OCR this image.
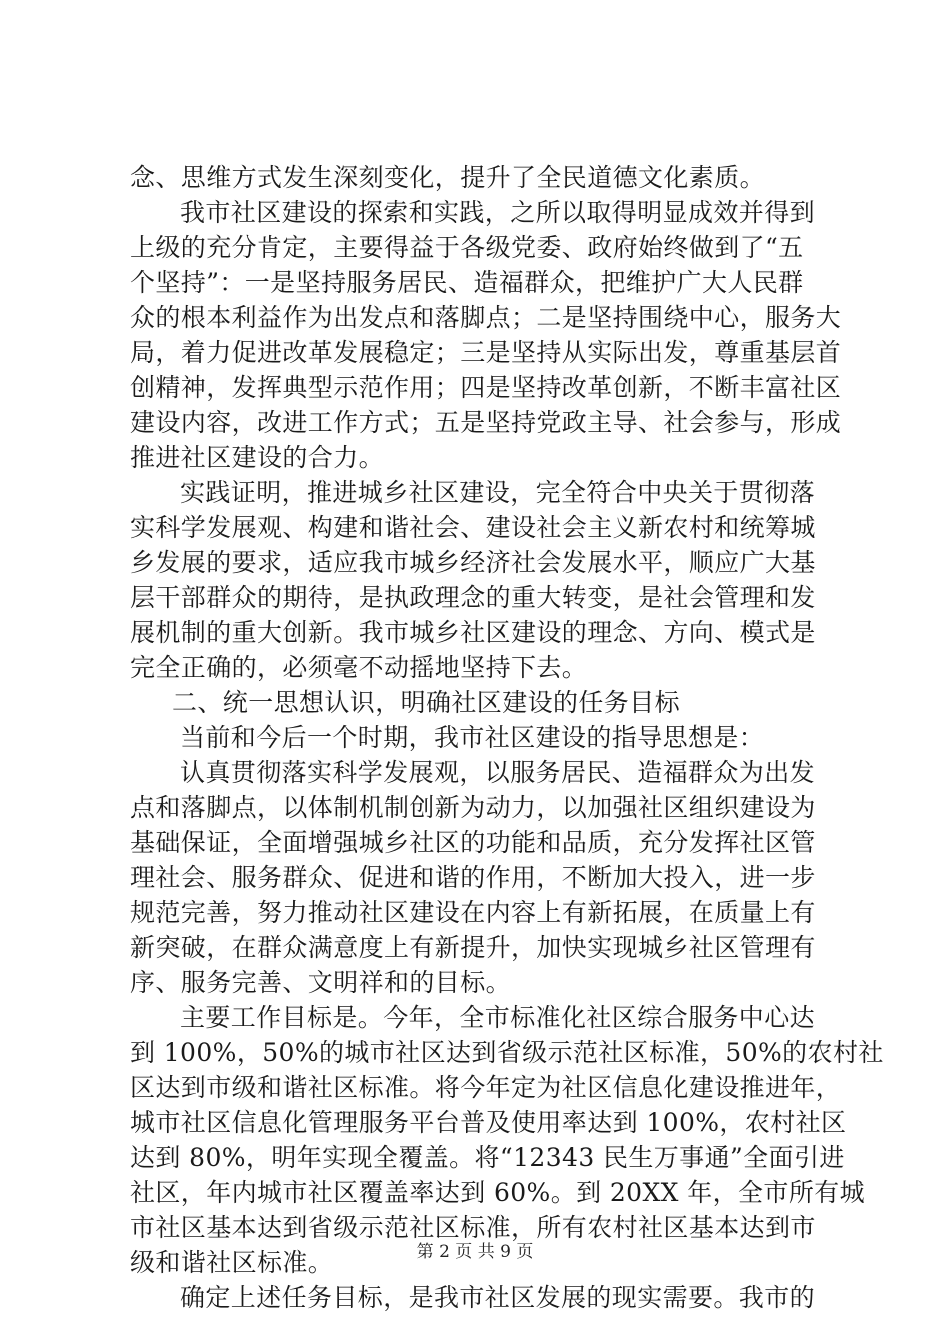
念、思维方式发生深刻变化，提升了全民道德文化素质。
我市社区建设的探索和实践，之所以取得明显成效并得到
上级的充分肯定，主要得益于各级党委、政府始终做到了“五
个坚持”：一是坚持服务居民、造福群众，把维护广大人民群
众的根本利益作为出发点和落脚点；二是坚持围绕中心，服务大
局，着力促进改革发展稳定；三是坚持从实际出发，尊重基层首
创精神，发挥典型示范作用；四是坚持改革创新，不断丰富社区
建设内容，改进工作方式；五是坚持党政主导、社会参与，形成
推进社区建设的合力。
实践证明，推进城乡社区建设，完全符合中央关于贯彻落
实科学发展观、构建和谐社会、建设社会主义新农村和统筹城
乡发展的要求，适应我市城乡经济社会发展水平，顺应广大基
层干部群众的期待，是执政理念的重大转变，是社会管理和发
展机制的重大创新。我市城乡社区建设的理念、方向、模式是
完全正确的，必须毫不动摇地坚持下去。
二、统一思想认识，明确社区建设的任务目标
当前和今后一个时期，我市社区建设的指导思想是：
认真贯彻落实科学发展观，以服务居民、造福群众为出发
点和落脚点，以体制机制创新为动力，以加强社区组织建设为
基础保证，全面增强城乡社区的功能和品质，充分发挥社区管
理社会、服务群众、促进和谐的作用，不断加大投入，进一步
规范完善，努力推动社区建设在内容上有新拓展，在质量上有
新突破，在群众满意度上有新提升，加快实现城乡社区管理有
序、服务完善、文明祥和的目标。
主要工作目标是。今年，全市标准化社区综合服务中心达
到 100%，50%的城市社区达到省级示范社区标准，50%的农村社
区达到市级和谐社区标准。将今年定为社区信息化建设推进年，
城市社区信息化管理服务平台普及使用率达到 100%，农村社区
达到 80%，明年实现全覆盖。将“12343 民生万事通”全面引进
社区，年内城市社区覆盖率达到 60%。到 20XX 年，全市所有城
市社区基本达到省级示范社区标准，所有农村社区基本达到市
级和谐社区标准。
确定上述任务目标，是我市社区发展的现实需要。我市的
第 2 页 共 9 页
